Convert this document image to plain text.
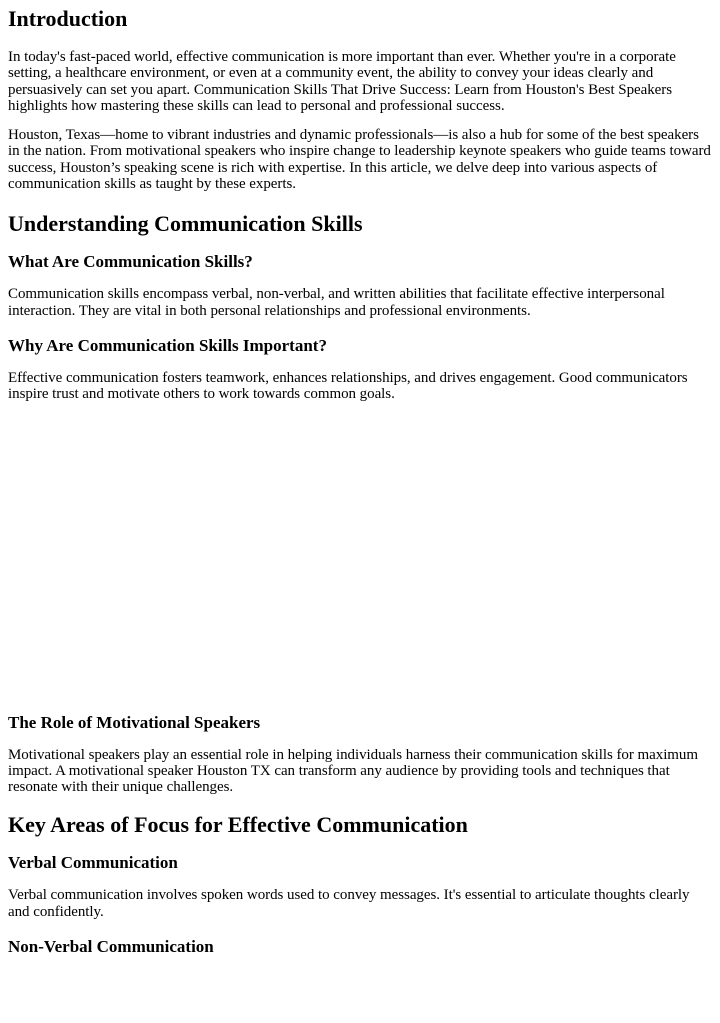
Introduction

In today's fast-paced world, effective communication is more important than ever. Whether you're in a corporate setting, a healthcare environment, or even at a community event, the ability to convey your ideas clearly and persuasively can set you apart. Communication Skills That Drive Success: Learn from Houston's Best Speakers highlights how mastering these skills can lead to personal and professional success.

Houston, Texas—home to vibrant industries and dynamic professionals—is also a hub for some of the best speakers in the nation. From motivational speakers who inspire change to leadership keynote speakers who guide teams toward success, Houston’s speaking scene is rich with expertise. In this article, we delve deep into various aspects of communication skills as taught by these experts.

Understanding Communication Skills
What Are Communication Skills?

Communication skills encompass verbal, non-verbal, and written abilities that facilitate effective interpersonal interaction. They are vital in both personal relationships and professional environments.

Why Are Communication Skills Important?

Effective communication fosters teamwork, enhances relationships, and drives engagement. Good communicators inspire trust and motivate others to work towards common goals.

The Role of Motivational Speakers

Motivational speakers play an essential role in helping individuals harness their communication skills for maximum impact. A motivational speaker Houston TX can transform any audience by providing tools and techniques that resonate with their unique challenges.

Key Areas of Focus for Effective Communication
Verbal Communication

Verbal communication involves spoken words used to convey messages. It's essential to articulate thoughts clearly and confidently.

Non-Verbal Communication
